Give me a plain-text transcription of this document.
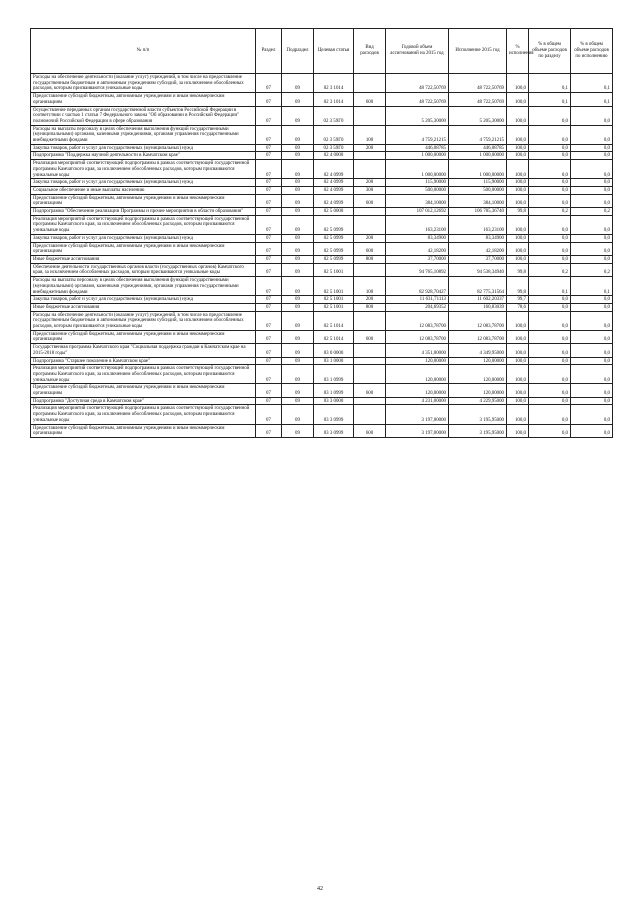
№ п/п	Раздел	Подраздел	Целевая статья	Вид расходов	Годовой объем ассигнований на 2015 год	Исполнение 2015 год	% исполнения	% в общем объеме расходов по разделу	% в общем объеме расходов по исполнению
Расходы на обеспечение деятельности (оказание услуг) учреждений, в том числе на предоставление государственным бюджетным и автономным учреждениям субсидий, за исключением обособленных расходов, которым присваиваются уникальные коды	07	09	02 3 1014		48 722,50769	48 722,50769	100,0	0,1	0,1
Предоставление субсидий бюджетным, автономным учреждениям и иным некоммерческим организациям	07	09	02 3 1014	600	48 722,50769	48 722,50769	100,0	0,1	0,1
Осуществление переданных органам государственной власти субъектов Российской Федерации в соответствии с частью 1 статьи 7 Федерального закона "Об образовании в Российской Федерации" полномочий Российской Федерации в сфере образования	07	09	02 3 59Г0		5 205,30000	5 205,30000	100,0	0,0	0,0
Расходы на выплаты персоналу в целях обеспечения выполнения функций государственными (муниципальными) органами, казенными учреждениями, органами управления государственными внебюджетными фондами	07	09	02 3 59Г0	100	4 759,21215	4 759,21215	100,0	0,0	0,0
Закупка товаров, работ и услуг для государственных (муниципальных) нужд	07	09	02 3 59Г0	200	446,08785	446,08785	100,0	0,0	0,0
Подпрограмма "Поддержка научной деятельности в Камчатском крае"	07	09	02 4 0000		1 000,00000	1 000,00000	100,0	0,0	0,0
Реализация мероприятий соответствующей подпрограммы в рамках соответствующей государственной программы Камчатского края, за исключением обособленных расходов, которым присваиваются уникальные коды	07	09	02 4 0999		1 000,00000	1 000,00000	100,0	0,0	0,0
Закупка товаров, работ и услуг для государственных (муниципальных) нужд	07	09	02 4 0999	200	115,90000	115,90000	100,0	0,0	0,0
Социальное обеспечение и иные выплаты населению	07	09	02 4 0999	300	500,00000	500,00000	100,0	0,0	0,0
Предоставление субсидий бюджетным, автономным учреждениям и иным некоммерческим организациям	07	09	02 4 0999	600	384,10000	384,10000	100,0	0,0	0,0
Подпрограмма "Обеспечение реализации Программы и прочие мероприятия в области образования"	07	09	02 5 0000		107 012,12692	106 785,36740	99,8	0,2	0,2
Реализация мероприятий соответствующей подпрограммы в рамках соответствующей государственной программы Камчатского края, за исключением обособленных расходов, которым присваиваются уникальные коды	07	09	02 5 0999		163,23100	163,23100	100,0	0,0	0,0
Закупка товаров, работ и услуг для государственных (муниципальных) нужд	07	09	02 5 0999	200	83,34900	83,34900	100,0	0,0	0,0
Предоставление субсидий бюджетным, автономным учреждениям и иным некоммерческим организациям	07	09	02 5 0999	600	42,18200	42,18200	100,0	0,0	0,0
Иные бюджетные ассигнования	07	09	02 5 0999	800	37,70000	37,70000	100,0	0,0	0,0
Обеспечение деятельности государственных органов власти (государственных органов) Камчатского края, за исключением обособленных расходов, которым присваиваются уникальные коды	07	09	02 5 1001		94 765,10892	94 538,34940	99,8	0,2	0,2
Расходы на выплаты персоналу в целях обеспечения выполнения функций государственными (муниципальными) органами, казенными учреждениями, органами управления государственными внебюджетными фондами	07	09	02 5 1001	100	82 928,70427	82 775,31564	99,8	0,1	0,1
Закупка товаров, работ и услуг для государственных (муниципальных) нужд	07	09	02 5 1001	200	11 631,71113	11 602,20337	99,7	0,0	0,0
Иные бюджетные ассигнования	07	09	02 5 1001	800	204,69352	160,83039	78,6	0,0	0,0
Расходы на обеспечение деятельности (оказание услуг) учреждений, в том числе на предоставление государственным бюджетным и автономным учреждениям субсидий, за исключением обособленных расходов, которым присваиваются уникальные коды	07	09	02 5 1014		12 083,78700	12 083,78700	100,0	0,0	0,0
Предоставление субсидий бюджетным, автономным учреждениям и иным некоммерческим организациям	07	09	02 5 1014	600	12 083,78700	12 083,78700	100,0	0,0	0,0
Государственная программа Камчатского края "Социальная поддержка граждан в Камчатском крае на 2015-2018 годы"	07	09	03 0 0000		4 351,00000	4 349,95000	100,0	0,0	0,0
Подпрограмма "Старшее поколение в Камчатском крае"	07	09	03 1 0000		120,00000	120,00000	100,0	0,0	0,0
Реализация мероприятий соответствующей подпрограммы в рамках соответствующей государственной программы Камчатского края, за исключением обособленных расходов, которым присваиваются уникальные коды	07	09	03 1 0999		120,00000	120,00000	100,0	0,0	0,0
Предоставление субсидий бюджетным, автономным учреждениям и иным некоммерческим организациям	07	09	03 1 0999	600	120,00000	120,00000	100,0	0,0	0,0
Подпрограмма "Доступная среда в Камчатском крае"	07	09	03 3 0000		4 231,00000	4 229,95000	100,0	0,0	0,0
Реализация мероприятий соответствующей подпрограммы в рамках соответствующей государственной программы Камчатского края, за исключением обособленных расходов, которым присваиваются уникальные коды	07	09	03 3 0999		3 197,00000	3 195,95000	100,0	0,0	0,0
Предоставление субсидий бюджетным, автономным учреждениям и иным некоммерческим организациям	07	09	03 3 0999	600	3 197,00000	3 195,95000	100,0	0,0	0,0
42
